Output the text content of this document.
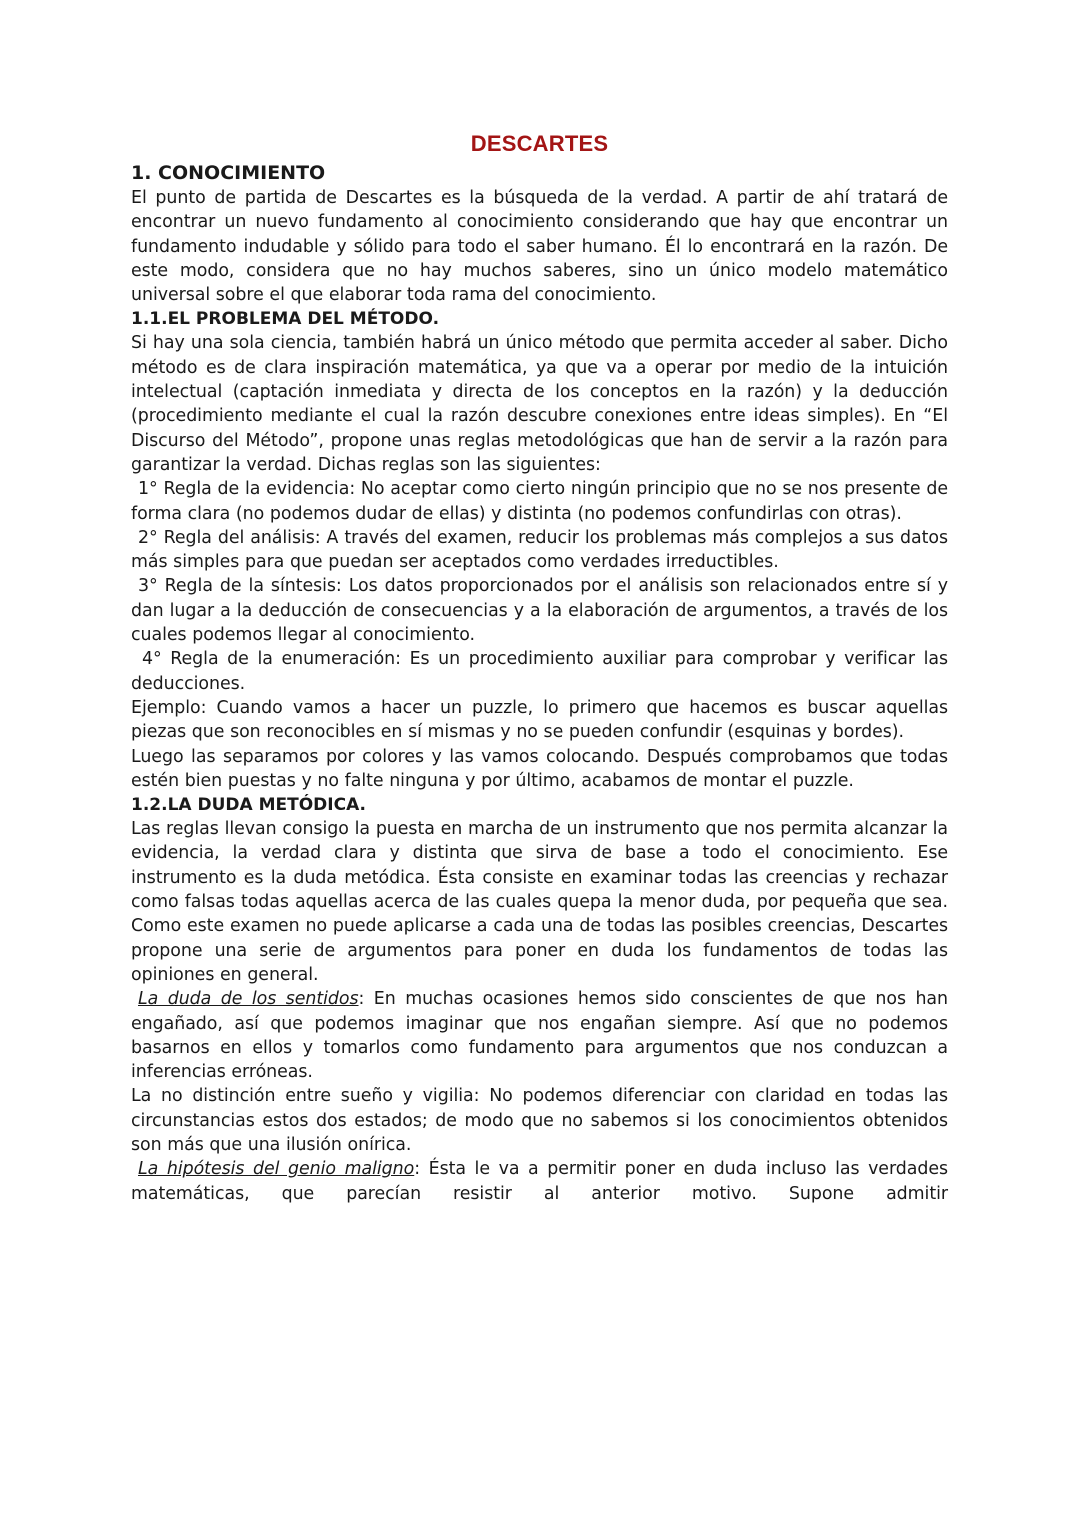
DESCARTES
1. CONOCIMIENTO

El punto de partida de Descartes es la búsqueda de la verdad. A partir de ahí tratará de encontrar un nuevo fundamento al conocimiento considerando que hay que encontrar un fundamento indudable y sólido para todo el saber humano. Él lo encontrará en la razón. De este modo, considera que no hay muchos saberes, sino un único modelo matemático universal sobre el que elaborar toda rama del conocimiento.

1.1.EL PROBLEMA DEL MÉTODO.

Si hay una sola ciencia, también habrá un único método que permita acceder al saber. Dicho método es de clara inspiración matemática, ya que va a operar por medio de la intuición intelectual (captación inmediata y directa de los conceptos en la razón) y la deducción (procedimiento mediante el cual la razón descubre conexiones entre ideas simples). En “El Discurso del Método”, propone unas reglas metodológicas que han de servir a la razón para garantizar la verdad. Dichas reglas son las siguientes:

1° Regla de la evidencia: No aceptar como cierto ningún principio que no se nos presente de forma clara (no podemos dudar de ellas) y distinta (no podemos confundirlas con otras).

2° Regla del análisis: A través del examen, reducir los problemas más complejos a sus datos más simples para que puedan ser aceptados como verdades irreductibles.

3° Regla de la síntesis: Los datos proporcionados por el análisis son relacionados entre sí y dan lugar a la deducción de consecuencias y a la elaboración de argumentos, a través de los cuales podemos llegar al conocimiento.

4° Regla de la enumeración: Es un procedimiento auxiliar para comprobar y verificar las deducciones.

Ejemplo: Cuando vamos a hacer un puzzle, lo primero que hacemos es buscar aquellas piezas que son reconocibles en sí mismas y no se pueden confundir (esquinas y bordes).

Luego las separamos por colores y las vamos colocando. Después comprobamos que todas estén bien puestas y no falte ninguna y por último, acabamos de montar el puzzle.

1.2.LA DUDA METÓDICA.

Las reglas llevan consigo la puesta en marcha de un instrumento que nos permita alcanzar la evidencia, la verdad clara y distinta que sirva de base a todo el conocimiento. Ese instrumento es la duda metódica. Ésta consiste en examinar todas las creencias y rechazar como falsas todas aquellas acerca de las cuales quepa la menor duda, por pequeña que sea. Como este examen no puede aplicarse a cada una de todas las posibles creencias, Descartes propone una serie de argumentos para poner en duda los fundamentos de todas las opiniones en general.

La duda de los sentidos: En muchas ocasiones hemos sido conscientes de que nos han engañado, así que podemos imaginar que nos engañan siempre. Así que no podemos basarnos en ellos y tomarlos como fundamento para argumentos que nos conduzcan a inferencias erróneas.

La no distinción entre sueño y vigilia: No podemos diferenciar con claridad en todas las circunstancias estos dos estados; de modo que no sabemos si los conocimientos obtenidos son más que una ilusión onírica.

La hipótesis del genio maligno: Ésta le va a permitir poner en duda incluso las verdades matemáticas, que parecían resistir al anterior motivo. Supone admitir
